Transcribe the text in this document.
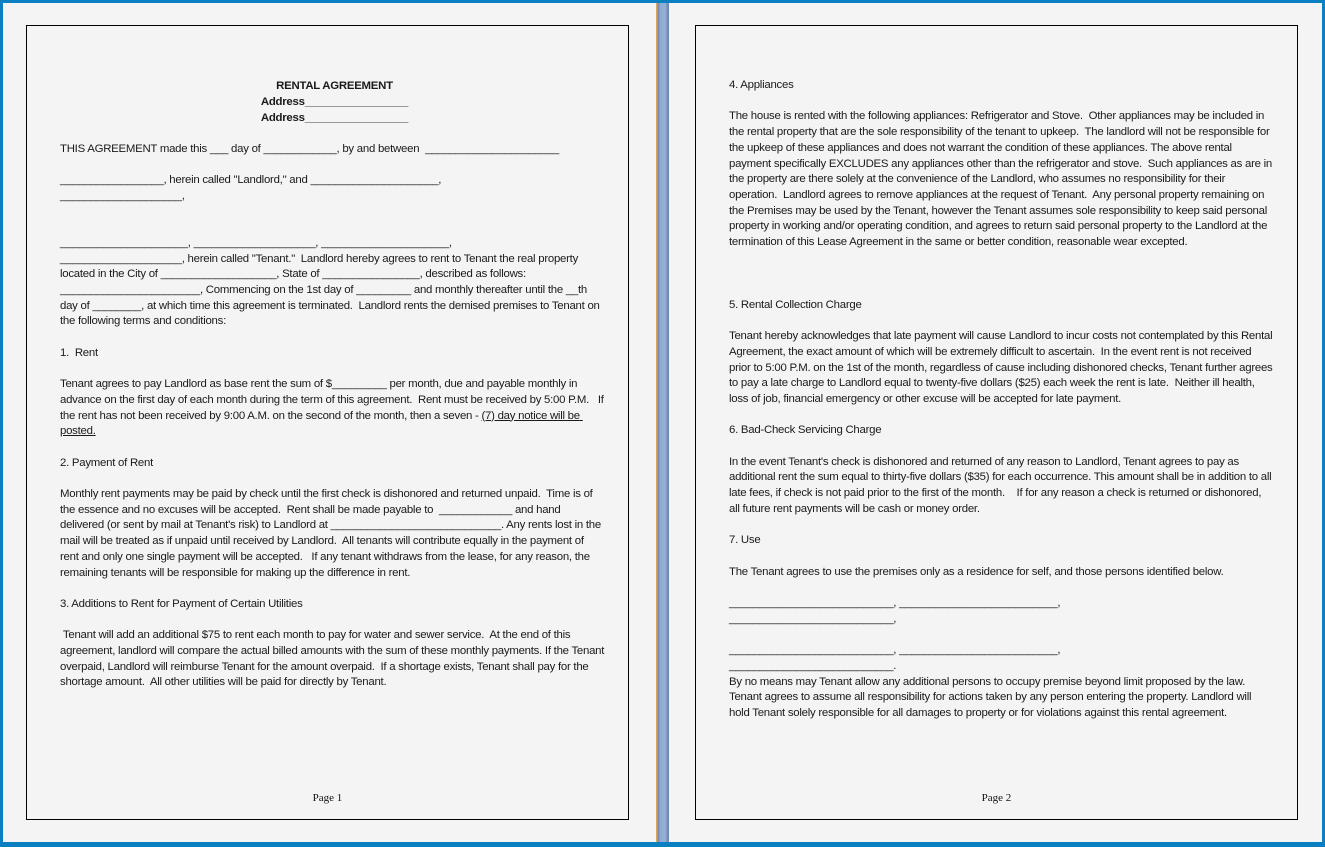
RENTAL AGREEMENT
Address_________________
Address_________________

THIS AGREEMENT made this ___ day of ____________, by and between  ______________________

_________________, herein called "Landlord," and _____________________,

____________________,

_____________________, ____________________, _____________________,

____________________, herein called "Tenant."  Landlord hereby agrees to rent to Tenant the real property located in the City of ___________________, State of ________________, described as follows: _______________________, Commencing on the 1st day of _________ and monthly thereafter until the __th day of ________, at which time this agreement is terminated.  Landlord rents the demised premises to Tenant on the following terms and conditions:

1.  Rent

Tenant agrees to pay Landlord as base rent the sum of $_________ per month, due and payable monthly in advance on the first day of each month during the term of this agreement.  Rent must be received by 5:00 P.M.   If the rent has not been received by 9:00 A.M. on the second of the month, then a seven - (7) day notice will be posted.

2. Payment of Rent

Monthly rent payments may be paid by check until the first check is dishonored and returned unpaid.  Time is of the essence and no excuses will be accepted.  Rent shall be made payable to  ____________ and hand delivered (or sent by mail at Tenant's risk) to Landlord at ____________________________. Any rents lost in the mail will be treated as if unpaid until received by Landlord.  All tenants will contribute equally in the payment of rent and only one single payment will be accepted.   If any tenant withdraws from the lease, for any reason, the remaining tenants will be responsible for making up the difference in rent.

3. Additions to Rent for Payment of Certain Utilities

Tenant will add an additional $75 to rent each month to pay for water and sewer service.  At the end of this agreement, landlord will compare the actual billed amounts with the sum of these monthly payments. If the Tenant overpaid, Landlord will reimburse Tenant for the amount overpaid.  If a shortage exists, Tenant shall pay for the shortage amount.  All other utilities will be paid for directly by Tenant.

Page 1

4. Appliances

The house is rented with the following appliances: Refrigerator and Stove.  Other appliances may be included in the rental property that are the sole responsibility of the tenant to upkeep.  The landlord will not be responsible for the upkeep of these appliances and does not warrant the condition of these appliances. The above rental payment specifically EXCLUDES any appliances other than the refrigerator and stove.  Such appliances as are in the property are there solely at the convenience of the Landlord, who assumes no responsibility for their operation.  Landlord agrees to remove appliances at the request of Tenant.  Any personal property remaining on the Premises may be used by the Tenant, however the Tenant assumes sole responsibility to keep said personal property in working and/or operating condition, and agrees to return said personal property to the Landlord at the termination of this Lease Agreement in the same or better condition, reasonable wear excepted.

5. Rental Collection Charge

Tenant hereby acknowledges that late payment will cause Landlord to incur costs not contemplated by this Rental Agreement, the exact amount of which will be extremely difficult to ascertain.  In the event rent is not received prior to 5:00 P.M. on the 1st of the month, regardless of cause including dishonored checks, Tenant further agrees to pay a late charge to Landlord equal to twenty-five dollars ($25) each week the rent is late.  Neither ill health, loss of job, financial emergency or other excuse will be accepted for late payment.

6. Bad-Check Servicing Charge

In the event Tenant's check is dishonored and returned of any reason to Landlord, Tenant agrees to pay as additional rent the sum equal to thirty-five dollars ($35) for each occurrence. This amount shall be in addition to all late fees, if check is not paid prior to the first of the month.    If for any reason a check is returned or dishonored, all future rent payments will be cash or money order.

7. Use

The Tenant agrees to use the premises only as a residence for self, and those persons identified below.

___________________________, __________________________,

___________________________,

___________________________, __________________________,

___________________________.

By no means may Tenant allow any additional persons to occupy premise beyond limit proposed by the law. Tenant agrees to assume all responsibility for actions taken by any person entering the property. Landlord will hold Tenant solely responsible for all damages to property or for violations against this rental agreement.

Page 2
